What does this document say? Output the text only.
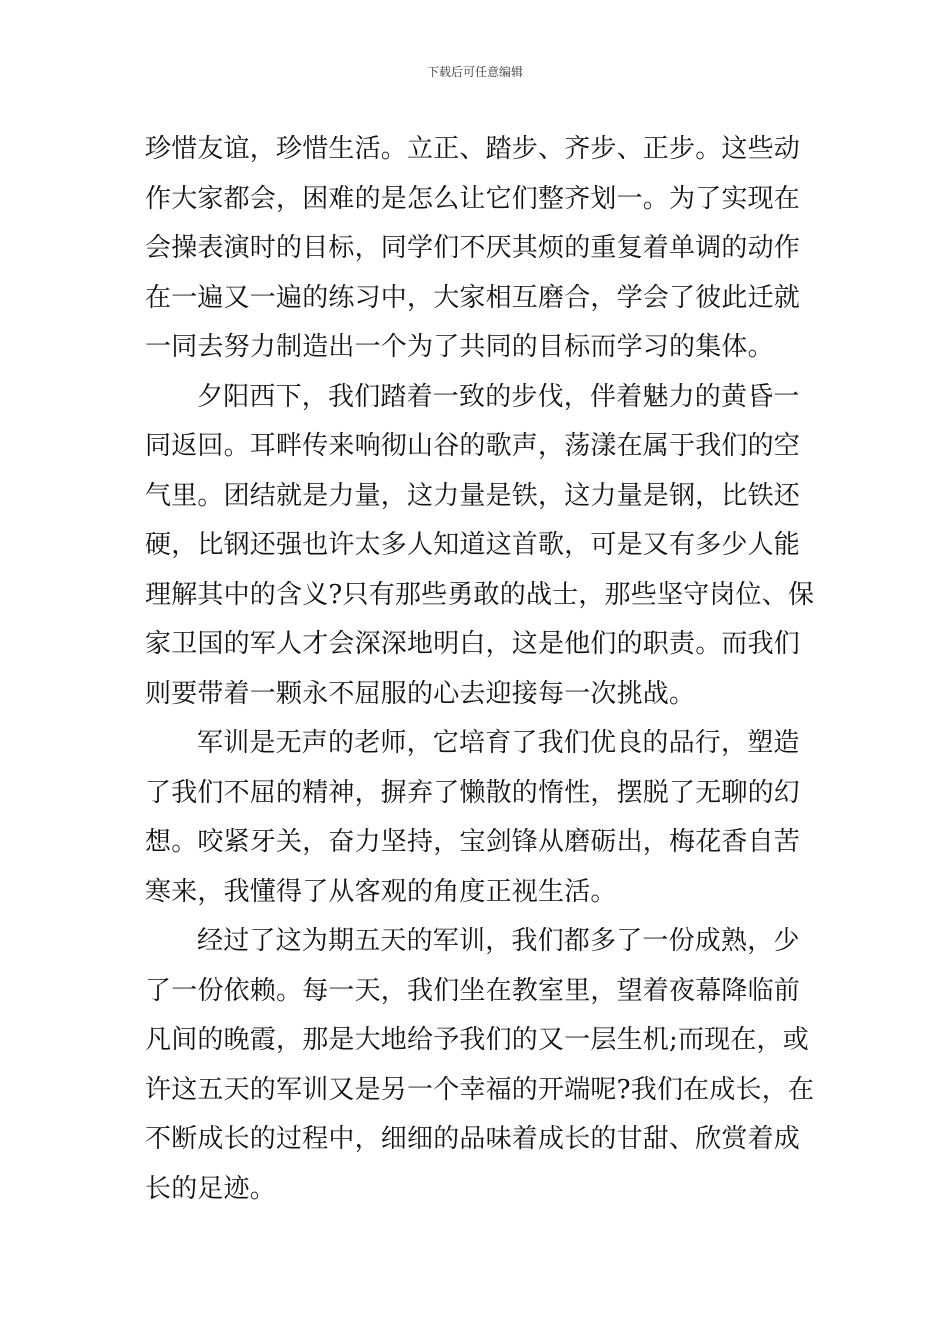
下载后可任意编辑

珍惜友谊，珍惜生活。立正、踏步、齐步、正步。这些动
作大家都会，困难的是怎么让它们整齐划一。为了实现在
会操表演时的目标，同学们不厌其烦的重复着单调的动作
在一遍又一遍的练习中，大家相互磨合，学会了彼此迁就
一同去努力制造出一个为了共同的目标而学习的集体。

夕阳西下，我们踏着一致的步伐，伴着魅力的黄昏一
同返回。耳畔传来响彻山谷的歌声，荡漾在属于我们的空
气里。团结就是力量，这力量是铁，这力量是钢，比铁还
硬，比钢还强也许太多人知道这首歌，可是又有多少人能
理解其中的含义?只有那些勇敢的战士，那些坚守岗位、保
家卫国的军人才会深深地明白，这是他们的职责。而我们
则要带着一颗永不屈服的心去迎接每一次挑战。

军训是无声的老师，它培育了我们优良的品行，塑造
了我们不屈的精神，摒弃了懒散的惰性，摆脱了无聊的幻
想。咬紧牙关，奋力坚持，宝剑锋从磨砺出，梅花香自苦
寒来，我懂得了从客观的角度正视生活。

经过了这为期五天的军训，我们都多了一份成熟，少
了一份依赖。每一天，我们坐在教室里，望着夜幕降临前
凡间的晚霞，那是大地给予我们的又一层生机;而现在，或
许这五天的军训又是另一个幸福的开端呢?我们在成长，在
不断成长的过程中，细细的品味着成长的甘甜、欣赏着成
长的足迹。
